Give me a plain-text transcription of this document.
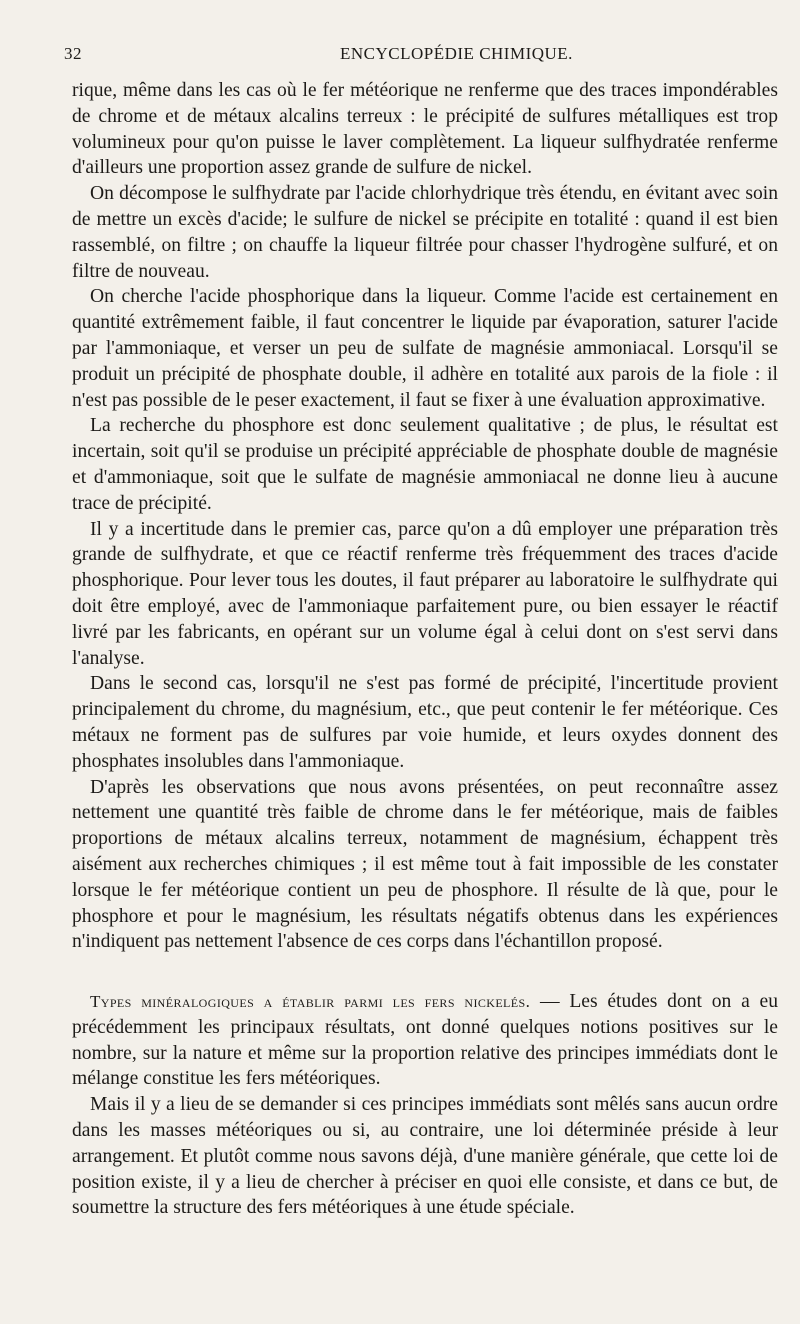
32	ENCYCLOPÉDIE CHIMIQUE.

rique, même dans les cas où le fer météorique ne renferme que des traces impondérables de chrome et de métaux alcalins terreux : le précipité de sulfures métalliques est trop volumineux pour qu'on puisse le laver complètement. La liqueur sulfhydratée renferme d'ailleurs une proportion assez grande de sulfure de nickel.

On décompose le sulfhydrate par l'acide chlorhydrique très étendu, en évitant avec soin de mettre un excès d'acide; le sulfure de nickel se précipite en totalité : quand il est bien rassemblé, on filtre ; on chauffe la liqueur filtrée pour chasser l'hydrogène sulfuré, et on filtre de nouveau.

On cherche l'acide phosphorique dans la liqueur. Comme l'acide est certainement en quantité extrêmement faible, il faut concentrer le liquide par évaporation, saturer l'acide par l'ammoniaque, et verser un peu de sulfate de magnésie ammoniacal. Lorsqu'il se produit un précipité de phosphate double, il adhère en totalité aux parois de la fiole : il n'est pas possible de le peser exactement, il faut se fixer à une évaluation approximative.

La recherche du phosphore est donc seulement qualitative ; de plus, le résultat est incertain, soit qu'il se produise un précipité appréciable de phosphate double de magnésie et d'ammoniaque, soit que le sulfate de magnésie ammoniacal ne donne lieu à aucune trace de précipité.

Il y a incertitude dans le premier cas, parce qu'on a dû employer une préparation très grande de sulfhydrate, et que ce réactif renferme très fréquemment des traces d'acide phosphorique. Pour lever tous les doutes, il faut préparer au laboratoire le sulfhydrate qui doit être employé, avec de l'ammoniaque parfaitement pure, ou bien essayer le réactif livré par les fabricants, en opérant sur un volume égal à celui dont on s'est servi dans l'analyse.

Dans le second cas, lorsqu'il ne s'est pas formé de précipité, l'incertitude provient principalement du chrome, du magnésium, etc., que peut contenir le fer météorique. Ces métaux ne forment pas de sulfures par voie humide, et leurs oxydes donnent des phosphates insolubles dans l'ammoniaque.

D'après les observations que nous avons présentées, on peut reconnaître assez nettement une quantité très faible de chrome dans le fer météorique, mais de faibles proportions de métaux alcalins terreux, notamment de magnésium, échappent très aisément aux recherches chimiques ; il est même tout à fait impossible de les constater lorsque le fer météorique contient un peu de phosphore. Il résulte de là que, pour le phosphore et pour le magnésium, les résultats négatifs obtenus dans les expériences n'indiquent pas nettement l'absence de ces corps dans l'échantillon proposé.

Types minéralogiques a établir parmi les fers nickelés. — Les études dont on a eu précédemment les principaux résultats, ont donné quelques notions positives sur le nombre, sur la nature et même sur la proportion relative des principes immédiats dont le mélange constitue les fers météoriques.

Mais il y a lieu de se demander si ces principes immédiats sont mêlés sans aucun ordre dans les masses météoriques ou si, au contraire, une loi déterminée préside à leur arrangement. Et plutôt comme nous savons déjà, d'une manière générale, que cette loi de position existe, il y a lieu de chercher à préciser en quoi elle consiste, et dans ce but, de soumettre la structure des fers météoriques à une étude spéciale.
